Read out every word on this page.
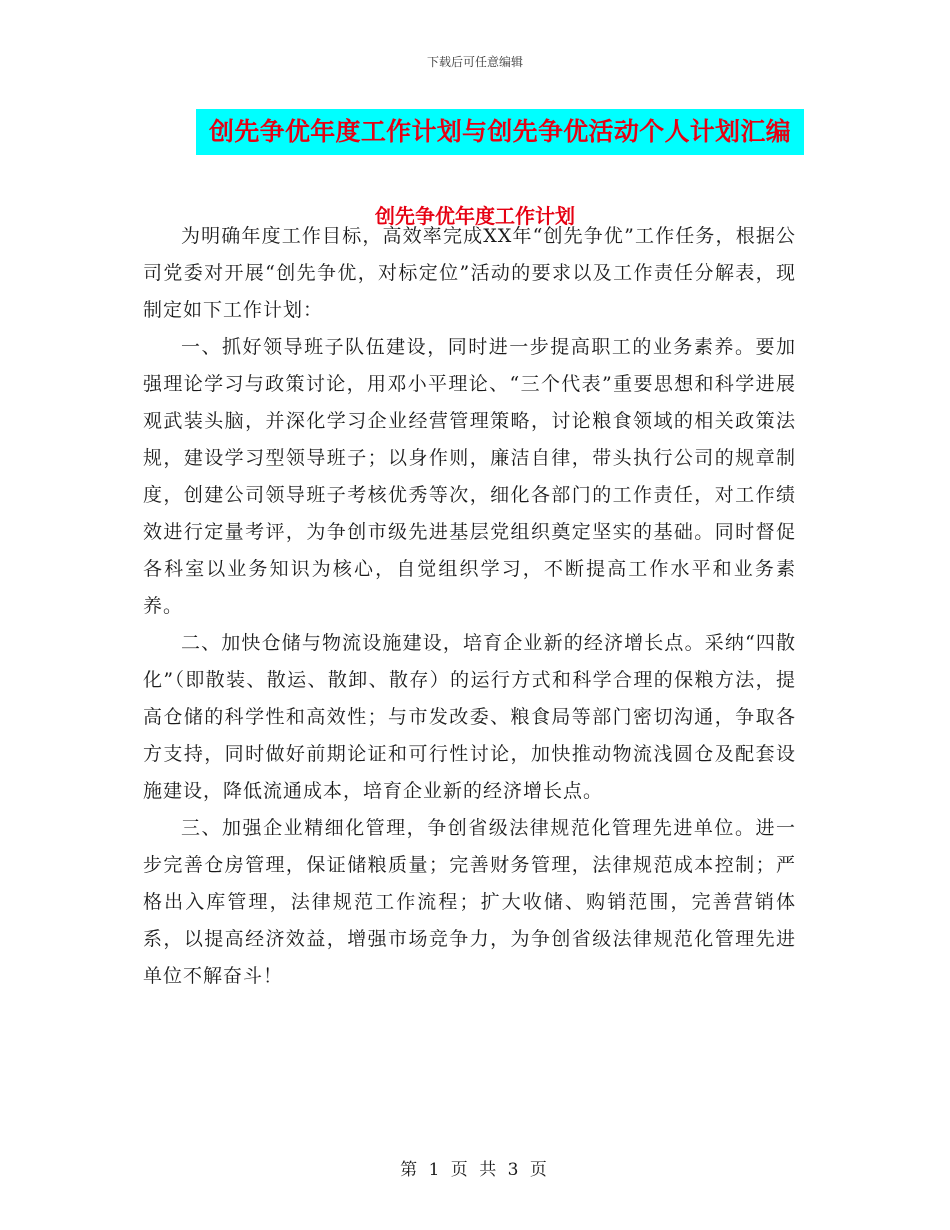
下载后可任意编辑
创先争优年度工作计划与创先争优活动个人计划汇编
创先争优年度工作计划

为明确年度工作目标，高效率完成XX年“创先争优”工作任务，根据公司党委对开展“创先争优，对标定位”活动的要求以及工作责任分解表，现制定如下工作计划：

一、抓好领导班子队伍建设，同时进一步提高职工的业务素养。要加强理论学习与政策讨论，用邓小平理论、“三个代表”重要思想和科学进展观武装头脑，并深化学习企业经营管理策略，讨论粮食领域的相关政策法规，建设学习型领导班子；以身作则，廉洁自律，带头执行公司的规章制度，创建公司领导班子考核优秀等次，细化各部门的工作责任，对工作绩效进行定量考评，为争创市级先进基层党组织奠定坚实的基础。同时督促各科室以业务知识为核心，自觉组织学习，不断提高工作水平和业务素养。

二、加快仓储与物流设施建设，培育企业新的经济增长点。采纳“四散化”（即散装、散运、散卸、散存）的运行方式和科学合理的保粮方法，提高仓储的科学性和高效性；与市发改委、粮食局等部门密切沟通，争取各方支持，同时做好前期论证和可行性讨论，加快推动物流浅圆仓及配套设施建设，降低流通成本，培育企业新的经济增长点。

三、加强企业精细化管理，争创省级法律规范化管理先进单位。进一步完善仓房管理，保证储粮质量；完善财务管理，法律规范成本控制；严格出入库管理，法律规范工作流程；扩大收储、购销范围，完善营销体系，以提高经济效益，增强市场竞争力，为争创省级法律规范化管理先进单位不解奋斗！

第 1 页 共 3 页
